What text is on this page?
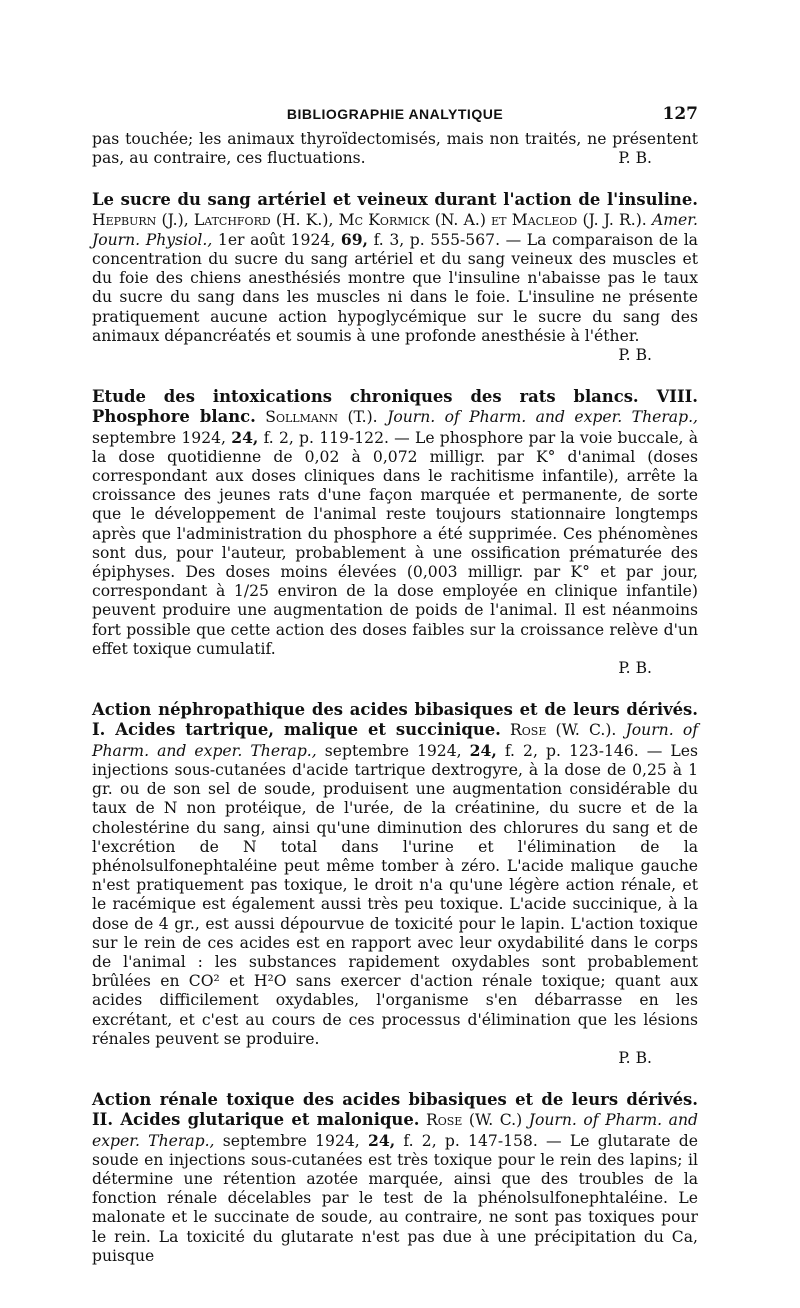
BIBLIOGRAPHIE ANALYTIQUE	127

pas touchée; les animaux thyroïdectomisés, mais non traités, ne présentent pas, au contraire, ces fluctuations.	P. B.

Le sucre du sang artériel et veineux durant l'action de l'insuline. Hepburn (J.), Latchford (H. K.), Mc Kormick (N. A.) et Macleod (J. J. R.). Amer. Journ. Physiol., 1er août 1924, 69, f. 3, p. 555-567. — La comparaison de la concentration du sucre du sang artériel et du sang veineux des muscles et du foie des chiens anesthésiés montre que l'insuline n'abaisse pas le taux du sucre du sang dans les muscles ni dans le foie. L'insuline ne présente pratiquement aucune action hypoglycémique sur le sucre du sang des animaux dépancréatés et soumis à une profonde anesthésie à l'éther.
P. B.

Etude des intoxications chroniques des rats blancs. VIII. Phosphore blanc. Sollmann (T.). Journ. of Pharm. and exper. Therap., septembre 1924, 24, f. 2, p. 119-122. — Le phosphore par la voie buccale, à la dose quotidienne de 0,02 à 0,072 milligr. par K° d'animal (doses correspondant aux doses cliniques dans le rachitisme infantile), arrête la croissance des jeunes rats d'une façon marquée et permanente, de sorte que le développement de l'animal reste toujours stationnaire longtemps après que l'administration du phosphore a été supprimée. Ces phénomènes sont dus, pour l'auteur, probablement à une ossification prématurée des épiphyses. Des doses moins élevées (0,003 milligr. par K° et par jour, correspondant à 1/25 environ de la dose employée en clinique infantile) peuvent produire une augmentation de poids de l'animal. Il est néanmoins fort possible que cette action des doses faibles sur la croissance relève d'un effet toxique cumulatif.
P. B.

Action néphropathique des acides bibasiques et de leurs dérivés. I. Acides tartrique, malique et succinique. Rose (W. C.). Journ. of Pharm. and exper. Therap., septembre 1924, 24, f. 2, p. 123-146. — Les injections sous-cutanées d'acide tartrique dextrogyre, à la dose de 0,25 à 1 gr. ou de son sel de soude, produisent une augmentation considérable du taux de N non protéique, de l'urée, de la créatinine, du sucre et de la cholestérine du sang, ainsi qu'une diminution des chlorures du sang et de l'excrétion de N total dans l'urine et l'élimination de la phénolsulfonephtaléine peut même tomber à zéro. L'acide malique gauche n'est pratiquement pas toxique, le droit n'a qu'une légère action rénale, et le racémique est également aussi très peu toxique. L'acide succinique, à la dose de 4 gr., est aussi dépourvue de toxicité pour le lapin. L'action toxique sur le rein de ces acides est en rapport avec leur oxydabilité dans le corps de l'animal : les substances rapidement oxydables sont probablement brûlées en CO² et H²O sans exercer d'action rénale toxique; quant aux acides difficilement oxydables, l'organisme s'en débarrasse en les excrétant, et c'est au cours de ces processus d'élimination que les lésions rénales peuvent se produire.
P. B.

Action rénale toxique des acides bibasiques et de leurs dérivés. II. Acides glutarique et malonique. Rose (W. C.) Journ. of Pharm. and exper. Therap., septembre 1924, 24, f. 2, p. 147-158. — Le glutarate de soude en injections sous-cutanées est très toxique pour le rein des lapins; il détermine une rétention azotée marquée, ainsi que des troubles de la fonction rénale décelables par le test de la phénolsulfonephtaléine. Le malonate et le succinate de soude, au contraire, ne sont pas toxiques pour le rein. La toxicité du glutarate n'est pas due à une précipitation du Ca, puisque
